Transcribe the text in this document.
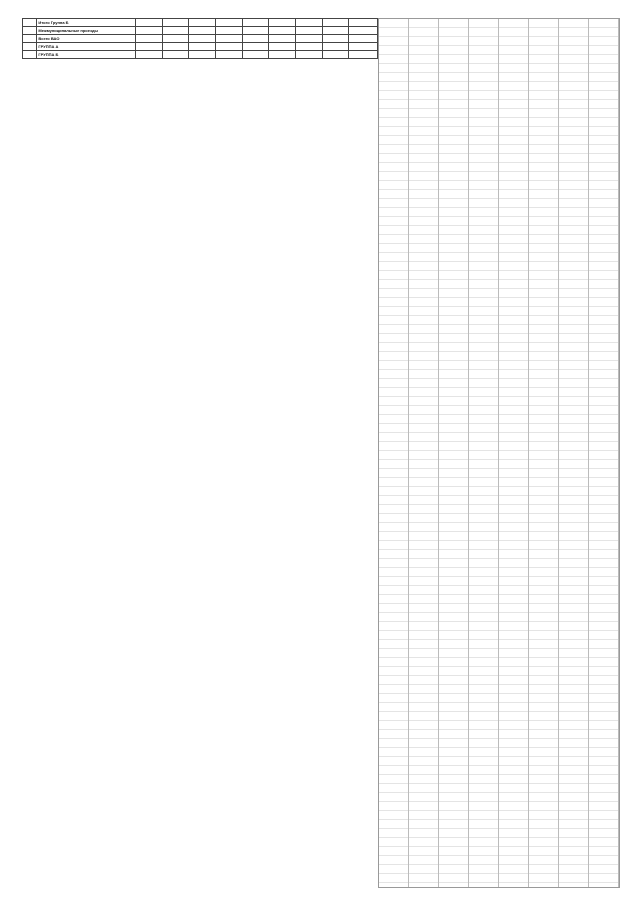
	Итого Группа Б									
	Межмуниципальные проезды									
	Всего ВАО									
	ГРУППА А									
	ГРУППА Б									
